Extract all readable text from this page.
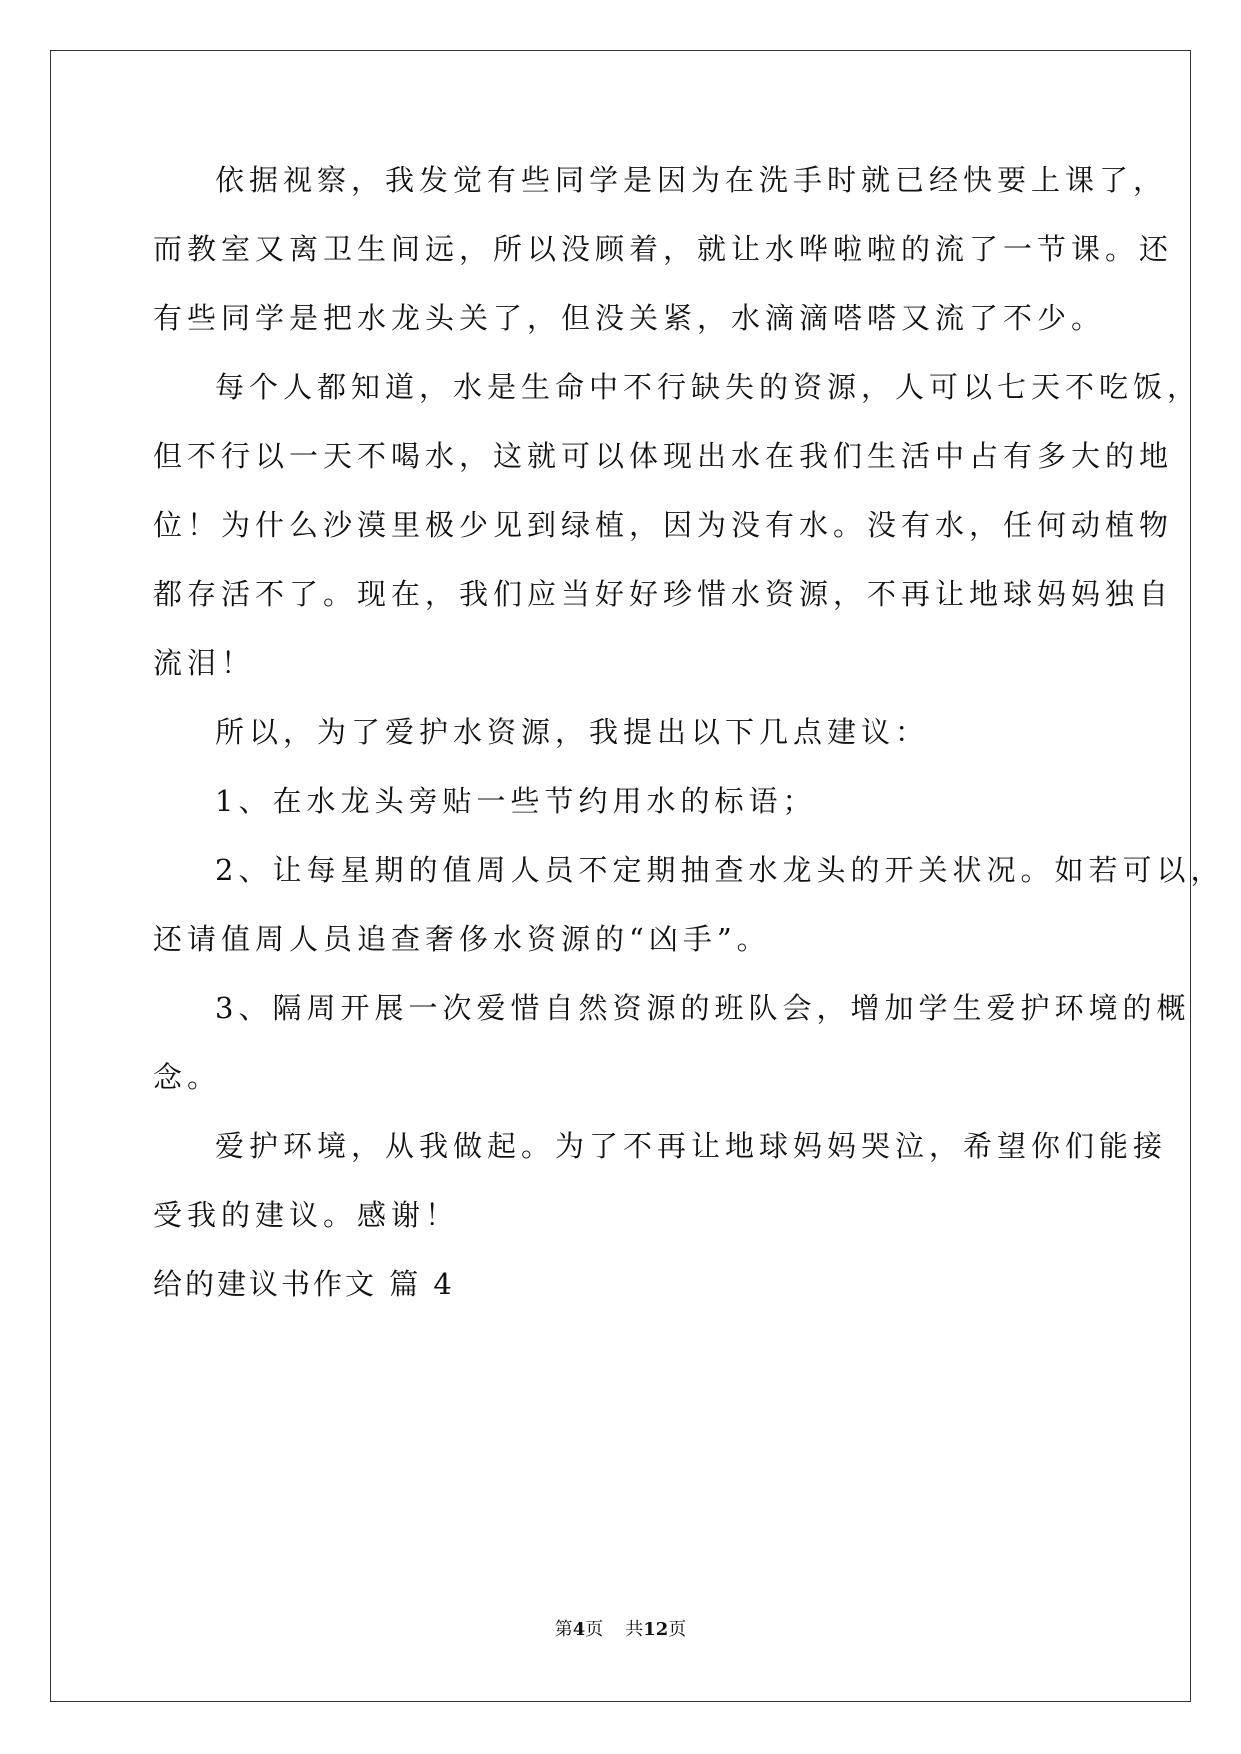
依据视察，我发觉有些同学是因为在洗手时就已经快要上课了，
而教室又离卫生间远，所以没顾着，就让水哗啦啦的流了一节课。还
有些同学是把水龙头关了，但没关紧，水滴滴嗒嗒又流了不少。
每个人都知道，水是生命中不行缺失的资源，人可以七天不吃饭，
但不行以一天不喝水，这就可以体现出水在我们生活中占有多大的地
位！为什么沙漠里极少见到绿植，因为没有水。没有水，任何动植物
都存活不了。现在，我们应当好好珍惜水资源，不再让地球妈妈独自
流泪！
所以，为了爱护水资源，我提出以下几点建议：
1、在水龙头旁贴一些节约用水的标语；
2、让每星期的值周人员不定期抽查水龙头的开关状况。如若可以，
还请值周人员追查奢侈水资源的“凶手”。
3、隔周开展一次爱惜自然资源的班队会，增加学生爱护环境的概
念。
爱护环境，从我做起。为了不再让地球妈妈哭泣，希望你们能接
受我的建议。感谢！
给的建议书作文 篇 4
第4页 共12页
